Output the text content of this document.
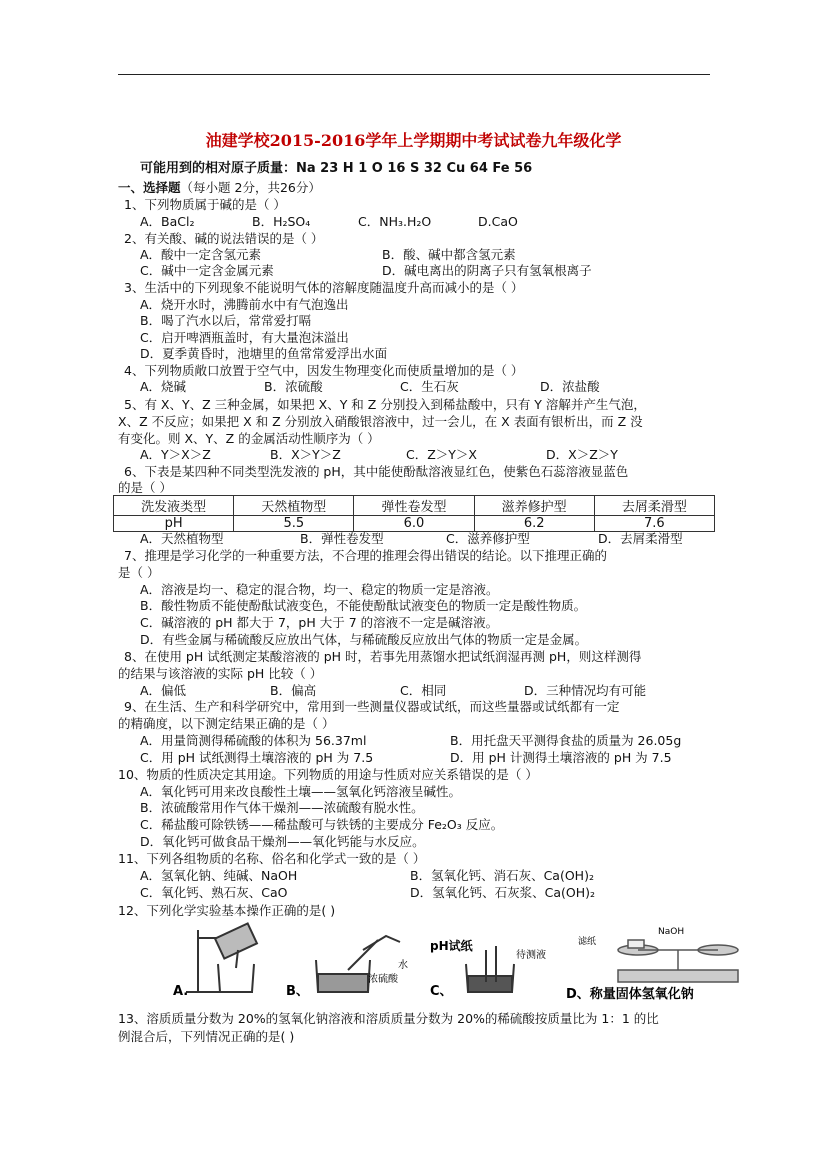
油建学校2015-2016学年上学期期中考试试卷九年级化学
可能用到的相对原子质量：Na 23 H 1 O 16 S 32 Cu 64 Fe 56
一、选择题（每小题 2分，共26分）
1、下列物质属于碱的是（ ）
A．BaCl₂	B．H₂SO₄	C．NH₃.H₂O	D.CaO
2、有关酸、碱的说法错误的是（ ）
A．酸中一定含氢元素	B．酸、碱中都含氢元素
C．碱中一定含金属元素	D．碱电离出的阴离子只有氢氧根离子
3、生活中的下列现象不能说明气体的溶解度随温度升高而减小的是（ ）
A．烧开水时，沸腾前水中有气泡逸出
B．喝了汽水以后，常常爱打嗝
C．启开啤酒瓶盖时，有大量泡沫溢出
D．夏季黄昏时，池塘里的鱼常常爱浮出水面
4、下列物质敞口放置于空气中，因发生物理变化而使质量增加的是（ ）
A．烧碱	B．浓硫酸	C．生石灰	D．浓盐酸
5、有 X、Y、Z 三种金属，如果把 X、Y 和 Z 分别投入到稀盐酸中，只有 Y 溶解并产生气泡，
X、Z 不反应；如果把 X 和 Z 分别放入硝酸银溶液中，过一会儿，在 X 表面有银析出，而 Z 没
有变化。则 X、Y、Z 的金属活动性顺序为（ ）
A．Y＞X＞Z	B．X＞Y＞Z	C．Z＞Y＞X	D．X＞Z＞Y
6、下表是某四种不同类型洗发液的 pH，其中能使酚酞溶液显红色，使紫色石蕊溶液显蓝色
的是（ ）
洗发液类型	天然植物型	弹性卷发型	滋养修护型	去屑柔滑型
pH	5.5	6.0	6.2	7.6
A．天然植物型	B．弹性卷发型	C．滋养修护型	D．去屑柔滑型
7、推理是学习化学的一种重要方法，不合理的推理会得出错误的结论。以下推理正确的
是（ ）
A．溶液是均一、稳定的混合物，均一、稳定的物质一定是溶液。
B．酸性物质不能使酚酞试液变色，不能使酚酞试液变色的物质一定是酸性物质。
C．碱溶液的 pH 都大于 7，pH 大于 7 的溶液不一定是碱溶液。
D．有些金属与稀硫酸反应放出气体，与稀硫酸反应放出气体的物质一定是金属。
8、在使用 pH 试纸测定某酸溶液的 pH 时，若事先用蒸馏水把试纸润湿再测 pH，则这样测得
的结果与该溶液的实际 pH 比较（ ）
A．偏低	B．偏高	C．相同	D．三种情况均有可能
9、在生活、生产和科学研究中，常用到一些测量仪器或试纸，而这些量器或试纸都有一定
的精确度，以下测定结果正确的是（ ）
A．用量筒测得稀硫酸的体积为 56.37ml	B．用托盘天平测得食盐的质量为 26.05g
C．用 pH 试纸测得土壤溶液的 pH 为 7.5	D．用 pH 计测得土壤溶液的 pH 为 7.5
10、物质的性质决定其用途。下列物质的用途与性质对应关系错误的是（ ）
A．氧化钙可用来改良酸性土壤——氢氧化钙溶液呈碱性。
B．浓硫酸常用作气体干燥剂——浓硫酸有脱水性。
C．稀盐酸可除铁锈——稀盐酸可与铁锈的主要成分 Fe₂O₃ 反应。
D．氧化钙可做食品干燥剂——氧化钙能与水反应。
11、下列各组物质的名称、俗名和化学式一致的是（ ）
A．氢氧化钠、纯碱、NaOH	B．氢氧化钙、消石灰、Ca(OH)₂
C．氧化钙、熟石灰、CaO	D．氢氧化钙、石灰浆、Ca(OH)₂
12、下列化学实验基本操作正确的是( )
A.	B、
浓硫酸
水
C、
pH试纸
待测液
NaOH
滤纸
D、称量固体氢氧化钠
13、溶质质量分数为 20%的氢氧化钠溶液和溶质质量分数为 20%的稀硫酸按质量比为 1：1 的比
例混合后，下列情况正确的是( )
